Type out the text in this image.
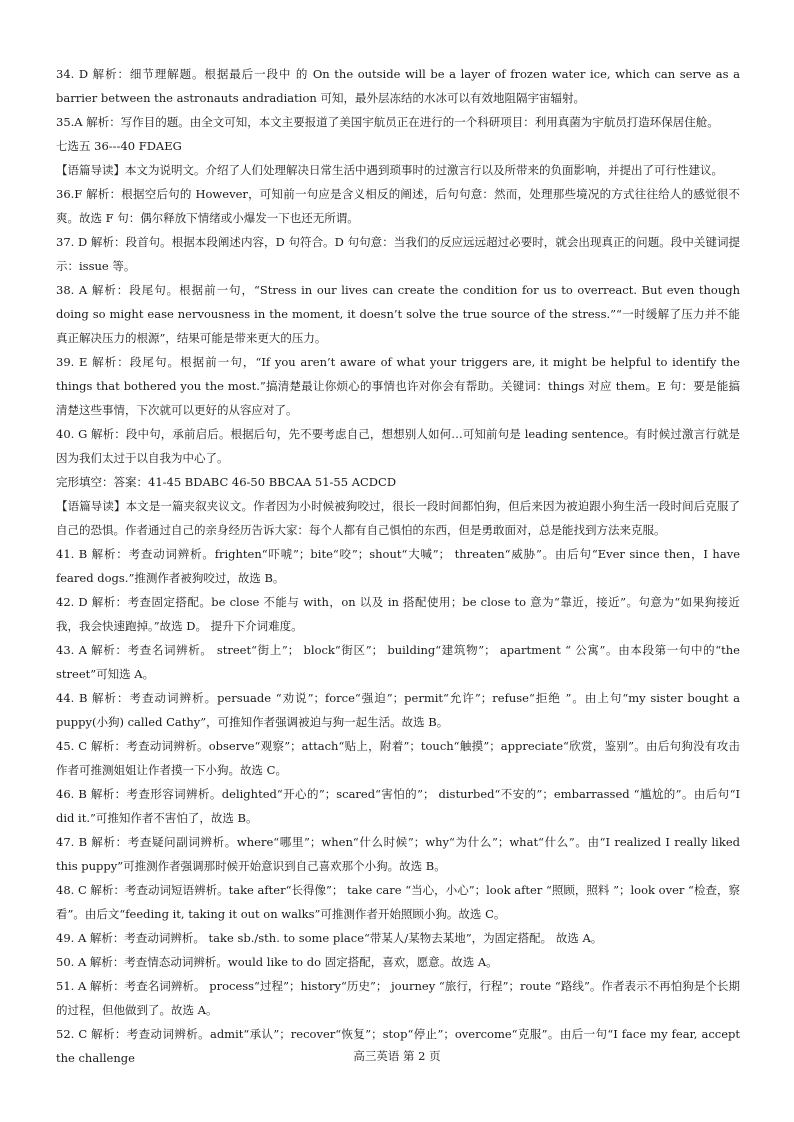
34. D 解析：细节理解题。根据最后一段中 的 On the outside will be a layer of frozen water ice, which can serve as a barrier between the astronauts andradiation 可知，最外层冻结的水冰可以有效地阻隔宇宙辐射。

35.A 解析：写作目的题。由全文可知，本文主要报道了美国宇航员正在进行的一个科研项目：利用真菌为宇航员打造环保居住舱。

七选五 36---40 FDAEG

【语篇导读】本文为说明文。介绍了人们处理解决日常生活中遇到琐事时的过激言行以及所带来的负面影响，并提出了可行性建议。

36.F 解析：根据空后句的 However，可知前一句应是含义相反的阐述，后句句意：然而，处理那些境况的方式往往给人的感觉很不爽。故选 F 句：偶尔释放下情绪或小爆发一下也还无所谓。

37. D 解析：段首句。根据本段阐述内容，D 句符合。D 句句意：当我们的反应远远超过必要时，就会出现真正的问题。段中关键词提示：issue 等。

38. A 解析：段尾句。根据前一句，“Stress in our lives can create the condition for us to overreact. But even though doing so might ease nervousness in the moment, it doesn’t solve the true source of the stress.”“一时缓解了压力并不能真正解决压力的根源”，结果可能是带来更大的压力。

39. E 解析：段尾句。根据前一句，“If you aren’t aware of what your triggers are, it might be helpful to identify the things that bothered you the most.”搞清楚最让你烦心的事情也许对你会有帮助。关键词：things 对应 them。E 句：要是能搞清楚这些事情，下次就可以更好的从容应对了。

40. G 解析：段中句，承前启后。根据后句，先不要考虑自己，想想别人如何…可知前句是 leading sentence。有时候过激言行就是因为我们太过于以自我为中心了。

完形填空：答案：41-45 BDABC 46-50 BBCAA 51-55 ACDCD

【语篇导读】本文是一篇夹叙夹议文。作者因为小时候被狗咬过，很长一段时间都怕狗，但后来因为被迫跟小狗生活一段时间后克服了自己的恐惧。作者通过自己的亲身经历告诉大家：每个人都有自己惧怕的东西，但是勇敢面对，总是能找到方法来克服。

41. B 解析：考查动词辨析。frighten“吓唬”；bite“咬”；shout“大喊”； threaten“威胁”。由后句“Ever since then，I have feared dogs.”推测作者被狗咬过，故选 B。

42. D 解析：考查固定搭配。be close 不能与 with，on 以及 in 搭配使用；be close to 意为“靠近，接近”。句意为“如果狗接近我，我会快速跑掉。”故选 D。 提升下介词难度。

43. A 解析：考查名词辨析。 street“街上”； block“街区”； building“建筑物”； apartment “ 公寓”。由本段第一句中的“the street”可知选 A。

44. B 解析：考查动词辨析。persuade “劝说”；force“强迫”；permit“允许”；refuse“拒绝 ”。由上句“my sister bought a puppy(小狗) called Cathy”，可推知作者强调被迫与狗一起生活。故选 B。

45. C 解析：考查动词辨析。observe“观察”；attach“贴上，附着”；touch“触摸”；appreciate“欣赏，鉴别”。由后句狗没有攻击作者可推测姐姐让作者摸一下小狗。故选 C。

46. B 解析：考查形容词辨析。delighted“开心的”；scared“害怕的”； disturbed“不安的”；embarrassed “尴尬的”。由后句“I did it.”可推知作者不害怕了，故选 B。

47. B 解析：考查疑问副词辨析。where“哪里”；when“什么时候”；why“为什么”；what“什么”。由“I realized I really liked this puppy”可推测作者强调那时候开始意识到自己喜欢那个小狗。故选 B。

48. C 解析：考查动词短语辨析。take after“长得像”； take care “当心，小心”；look after “照顾，照料 ”；look over “检查，察看”。由后文“feeding it, taking it out on walks”可推测作者开始照顾小狗。故选 C。

49. A 解析：考查动词辨析。 take sb./sth. to some place“带某人/某物去某地”，为固定搭配。 故选 A。

50. A 解析：考查情态动词辨析。would like to do 固定搭配，喜欢，愿意。故选 A。

51. A 解析：考查名词辨析。 process“过程”；history“历史”； journey “旅行，行程”；route “路线”。作者表示不再怕狗是个长期的过程，但他做到了。故选 A。

52. C 解析：考查动词辨析。admit“承认”；recover“恢复”；stop“停止”；overcome“克服”。由后一句“I face my fear, accept the challenge	高三英语 第 2 页
